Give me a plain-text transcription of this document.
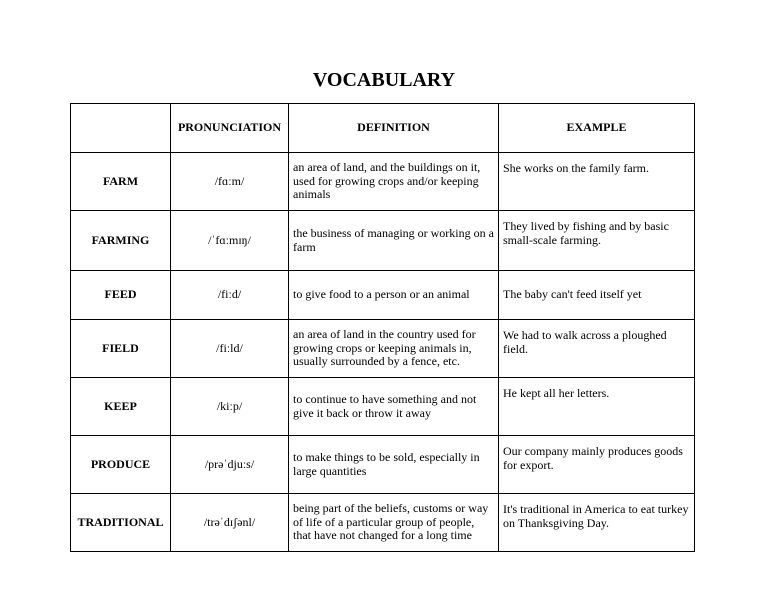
VOCABULARY
	PRONUNCIATION	DEFINITION	EXAMPLE
FARM	/fɑːm/	an area of land, and the buildings on it, used for growing crops and/or keeping animals	She works on the family farm.
FARMING	/ˈfɑːmɪŋ/	the business of managing or working on a farm	They lived by fishing and by basic small-scale farming.
FEED	/fiːd/	to give food to a person or an animal	The baby can't feed itself yet
FIELD	/fiːld/	an area of land in the country used for growing crops or keeping animals in, usually surrounded by a fence, etc.	We had to walk across a ploughed field.
KEEP	/kiːp/	to continue to have something and not give it back or throw it away	He kept all her letters.
PRODUCE	/prəˈdjuːs/	to make things to be sold, especially in large quantities	Our company mainly produces goods for export.
TRADITIONAL	/trəˈdɪʃənl/	being part of the beliefs, customs or way of life of a particular group of people, that have not changed for a long time	It's traditional in America to eat turkey on Thanksgiving Day.
